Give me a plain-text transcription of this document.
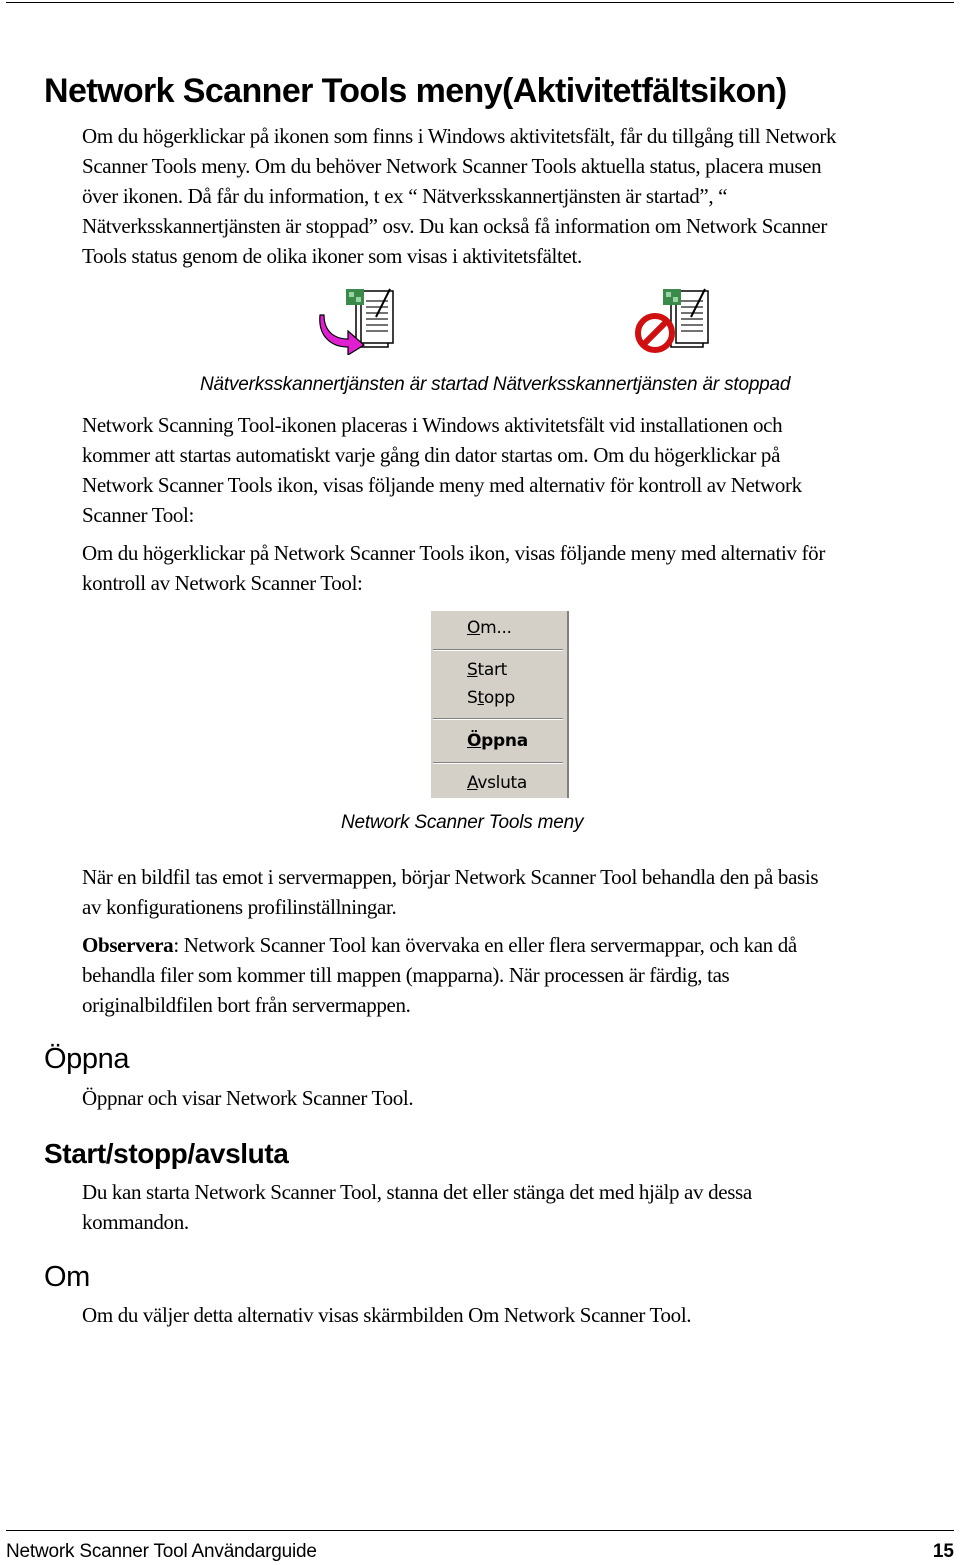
Network Scanner Tools meny(Aktivitetfältsikon)

Om du högerklickar på ikonen som finns i Windows aktivitetsfält, får du tillgång till Network
Scanner Tools meny. Om du behöver Network Scanner Tools aktuella status, placera musen
över ikonen. Då får du information, t ex “ Nätverksskannertjänsten är startad”, “
Nätverksskannertjänsten är stoppad” osv. Du kan också få information om Network Scanner
Tools status genom de olika ikoner som visas i aktivitetsfältet.

Nätverksskannertjänsten är startad Nätverksskannertjänsten är stoppad

Network Scanning Tool-ikonen placeras i Windows aktivitetsfält vid installationen och
kommer att startas automatiskt varje gång din dator startas om. Om du högerklickar på
Network Scanner Tools ikon, visas följande meny med alternativ för kontroll av Network
Scanner Tool:

Om du högerklickar på Network Scanner Tools ikon, visas följande meny med alternativ för
kontroll av Network Scanner Tool:

Om...
Start
Stopp
Öppna
Avsluta
Network Scanner Tools meny

När en bildfil tas emot i servermappen, börjar Network Scanner Tool behandla den på basis
av konfigurationens profilinställningar.

Observera: Network Scanner Tool kan övervaka en eller flera servermappar, och kan då
behandla filer som kommer till mappen (mapparna). När processen är färdig, tas
originalbildfilen bort från servermappen.

Öppna

Öppnar och visar Network Scanner Tool.

Start/stopp/avsluta

Du kan starta Network Scanner Tool, stanna det eller stänga det med hjälp av dessa
kommandon.

Om

Om du väljer detta alternativ visas skärmbilden Om Network Scanner Tool.

Network Scanner Tool Användarguide	15
